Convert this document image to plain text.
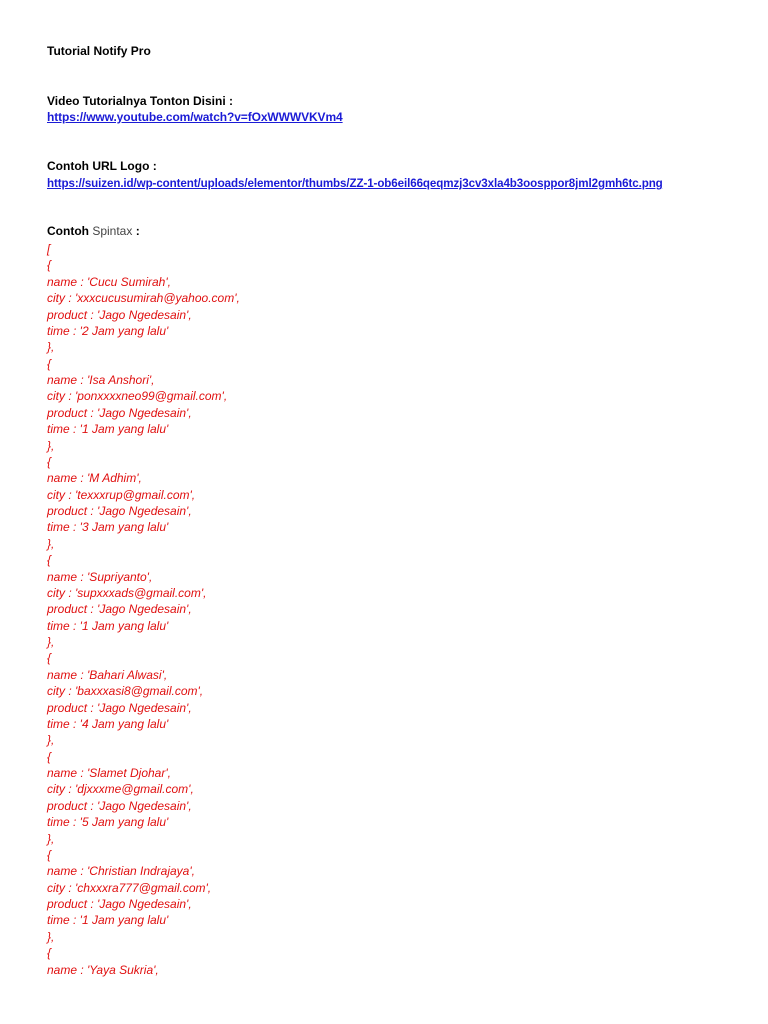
Tutorial Notify Pro
Video Tutorialnya Tonton Disini :
https://www.youtube.com/watch?v=fOxWWWVKVm4
Contoh URL Logo :
https://suizen.id/wp-content/uploads/elementor/thumbs/ZZ-1-ob6eil66qeqmzj3cv3xla4b3oosppor8jml2gmh6tc.png
Contoh Spintax :
[
{
name : 'Cucu Sumirah',
city : 'xxxcucusumirah@yahoo.com',
product : 'Jago Ngedesain',
time : '2 Jam yang lalu'
},
{
name : 'Isa Anshori',
city : 'ponxxxxneo99@gmail.com',
product : 'Jago Ngedesain',
time : '1 Jam yang lalu'
},
{
name : 'M Adhim',
city : 'texxxrup@gmail.com',
product : 'Jago Ngedesain',
time : '3 Jam yang lalu'
},
{
name : 'Supriyanto',
city : 'supxxxads@gmail.com',
product : 'Jago Ngedesain',
time : '1 Jam yang lalu'
},
{
name : 'Bahari Alwasi',
city : 'baxxxasi8@gmail.com',
product : 'Jago Ngedesain',
time : '4 Jam yang lalu'
},
{
name : 'Slamet Djohar',
city : 'djxxxme@gmail.com',
product : 'Jago Ngedesain',
time : '5 Jam yang lalu'
},
{
name : 'Christian Indrajaya',
city : 'chxxxra777@gmail.com',
product : 'Jago Ngedesain',
time : '1 Jam yang lalu'
},
{
name : 'Yaya Sukria',
